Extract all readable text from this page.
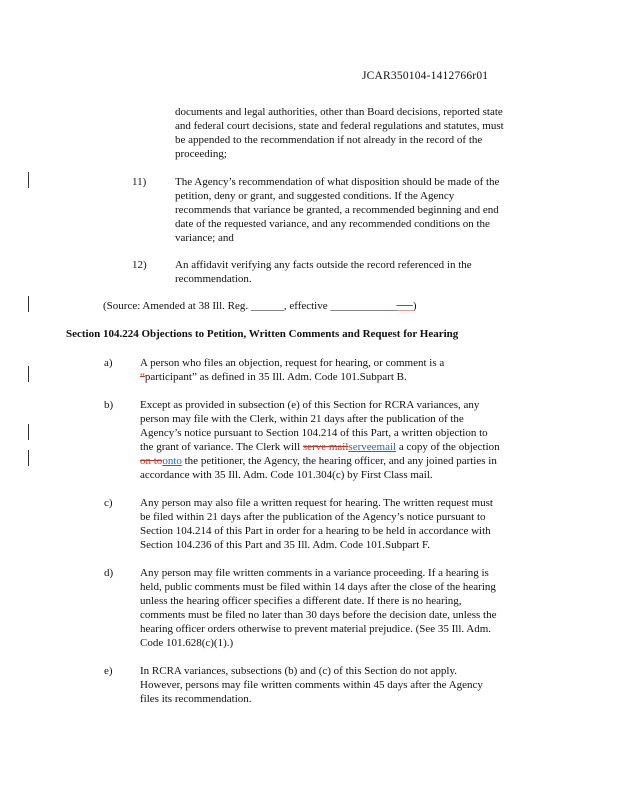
JCAR350104-1412766r01
documents and legal authorities, other than Board decisions, reported state
and federal court decisions, state and federal regulations and statutes, must
be appended to the recommendation if not already in the record of the
proceeding;
11)	The Agency’s recommendation of what disposition should be made of the
petition, deny or grant, and suggested conditions. If the Agency
recommends that variance be granted, a recommended beginning and end
date of the requested variance, and any recommended conditions on the
variance; and
12)	An affidavit verifying any facts outside the record referenced in the
recommendation.
(Source: Amended at 38 Ill. Reg. ______, effective _______________)
Section 104.224 Objections to Petition, Written Comments and Request for Hearing
a) A person who files an objection, request for hearing, or comment is a
“participant” as defined in 35 Ill. Adm. Code 101.Subpart B.
b) Except as provided in subsection (e) of this Section for RCRA variances, any
person may file with the Clerk, within 21 days after the publication of the
Agency’s notice pursuant to Section 104.214 of this Part, a written objection to
the grant of variance. The Clerk will serve mailserveemail a copy of the objection
on toonto the petitioner, the Agency, the hearing officer, and any joined parties in
accordance with 35 Ill. Adm. Code 101.304(c) by First Class mail.
c) Any person may also file a written request for hearing. The written request must
be filed within 21 days after the publication of the Agency’s notice pursuant to
Section 104.214 of this Part in order for a hearing to be held in accordance with
Section 104.236 of this Part and 35 Ill. Adm. Code 101.Subpart F.
d) Any person may file written comments in a variance proceeding. If a hearing is
held, public comments must be filed within 14 days after the close of the hearing
unless the hearing officer specifies a different date. If there is no hearing,
comments must be filed no later than 30 days before the decision date, unless the
hearing officer orders otherwise to prevent material prejudice. (See 35 Ill. Adm.
Code 101.628(c)(1).)
e) In RCRA variances, subsections (b) and (c) of this Section do not apply.
However, persons may file written comments within 45 days after the Agency
files its recommendation.
